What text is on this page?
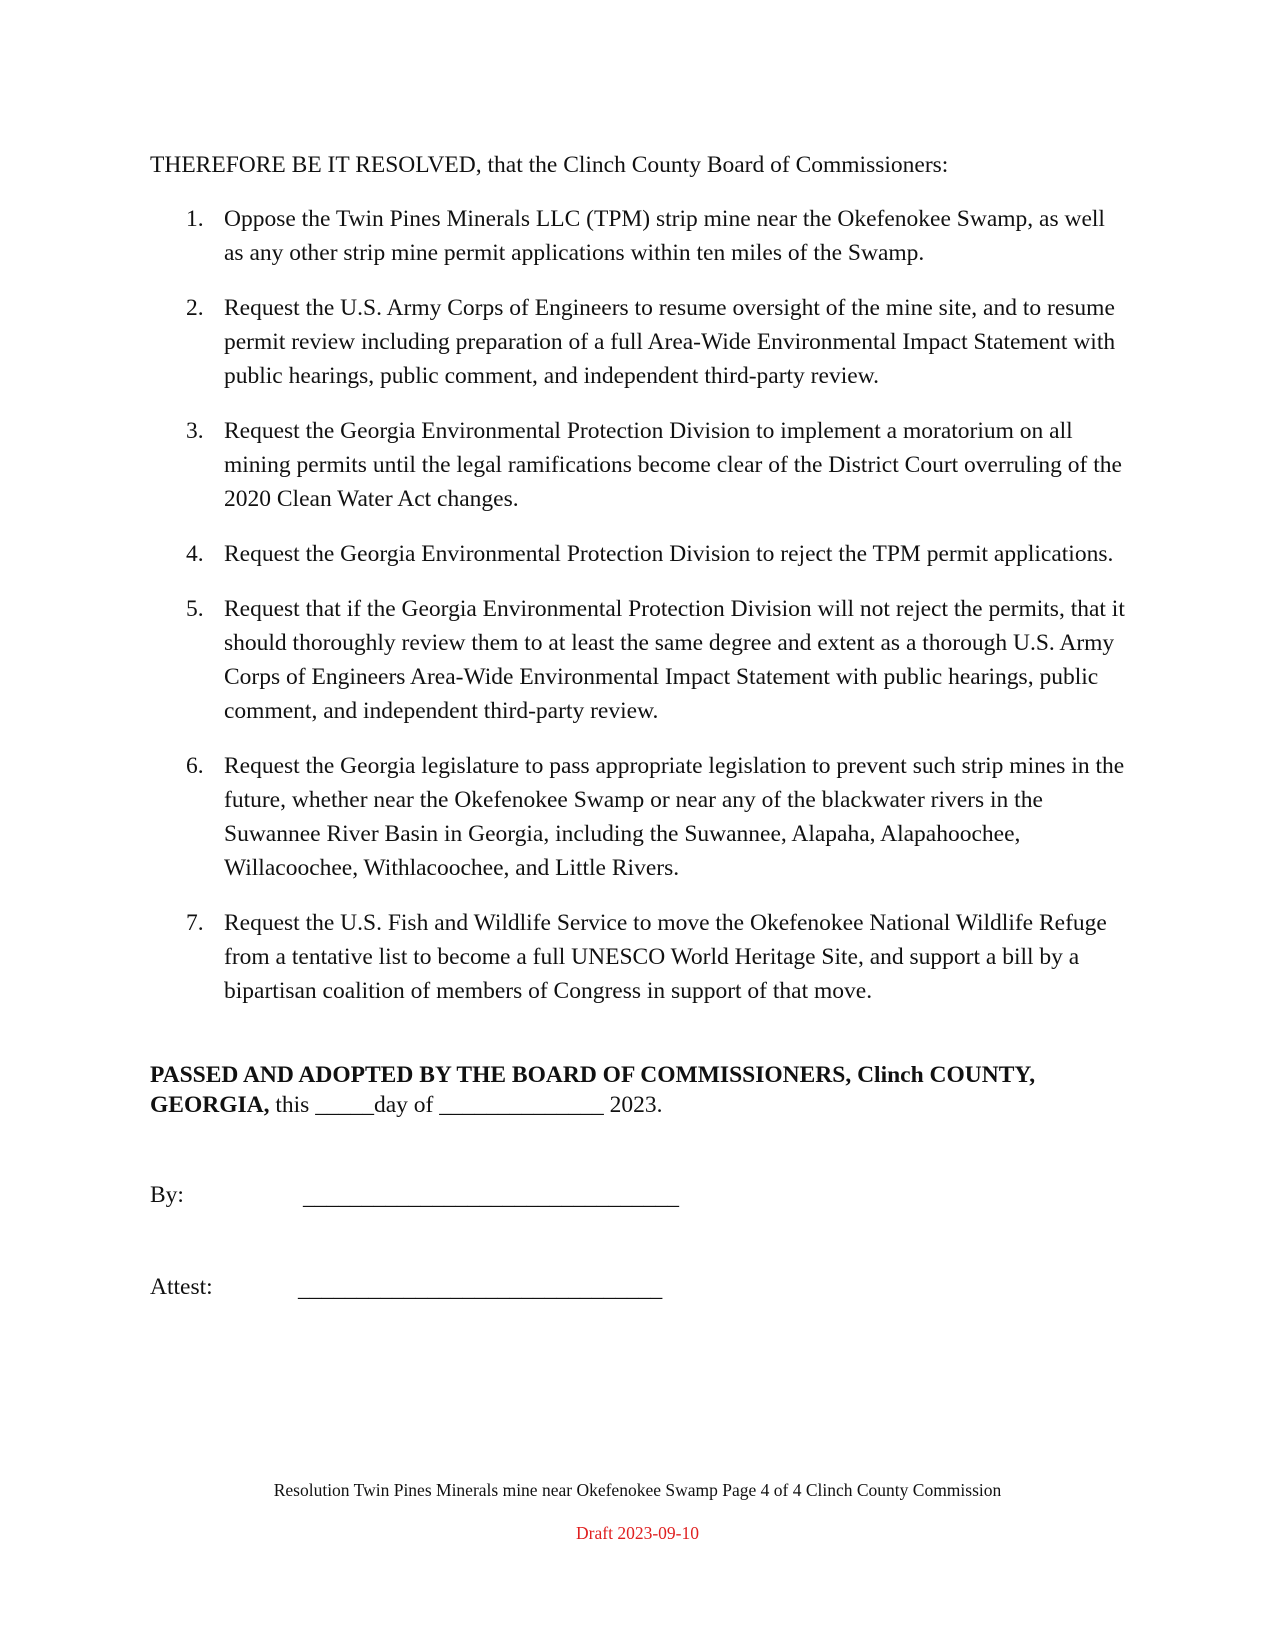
THEREFORE BE IT RESOLVED, that the Clinch County Board of Commissioners:
1. Oppose the Twin Pines Minerals LLC (TPM) strip mine near the Okefenokee Swamp, as well as any other strip mine permit applications within ten miles of the Swamp.
2. Request the U.S. Army Corps of Engineers to resume oversight of the mine site, and to resume permit review including preparation of a full Area-Wide Environmental Impact Statement with public hearings, public comment, and independent third-party review.
3. Request the Georgia Environmental Protection Division to implement a moratorium on all mining permits until the legal ramifications become clear of the District Court overruling of the 2020 Clean Water Act changes.
4. Request the Georgia Environmental Protection Division to reject the TPM permit applications.
5. Request that if the Georgia Environmental Protection Division will not reject the permits, that it should thoroughly review them to at least the same degree and extent as a thorough U.S. Army Corps of Engineers Area-Wide Environmental Impact Statement with public hearings, public comment, and independent third-party review.
6. Request the Georgia legislature to pass appropriate legislation to prevent such strip mines in the future, whether near the Okefenokee Swamp or near any of the blackwater rivers in the Suwannee River Basin in Georgia, including the Suwannee, Alapaha, Alapahoochee, Willacoochee, Withlacoochee, and Little Rivers.
7. Request the U.S. Fish and Wildlife Service to move the Okefenokee National Wildlife Refuge from a tentative list to become a full UNESCO World Heritage Site, and support a bill by a bipartisan coalition of members of Congress in support of that move.
PASSED AND ADOPTED BY THE BOARD OF COMMISSIONERS, Clinch COUNTY, GEORGIA, this _____day of ______________ 2023.
By:	________________________________
Attest:	_______________________________
Resolution Twin Pines Minerals mine near Okefenokee Swamp Page 4 of 4 Clinch County Commission
Draft 2023-09-10
